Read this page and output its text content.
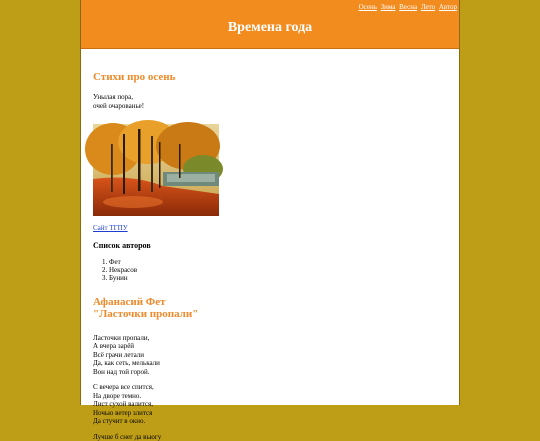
Осень Зима Весна Лето Автор
Времена года
Стихи про осень

Унылая пора,

очей очарованье!

Сайт ТГПУ

Список авторов
1. Фет
2. Некрасов
3. Бунин
Афанасий Фет
"Ласточки пропали"

Ласточки пропали,

А вчера зарёй

Всё грачи летали

Да, как сеть, мелькали

Вон над той горой.

С вечера все спится,

На дворе темно.

Лист сухой валится,

Ночью ветер злится

Да стучит в окно.

Лучше б снег да вьюгу
